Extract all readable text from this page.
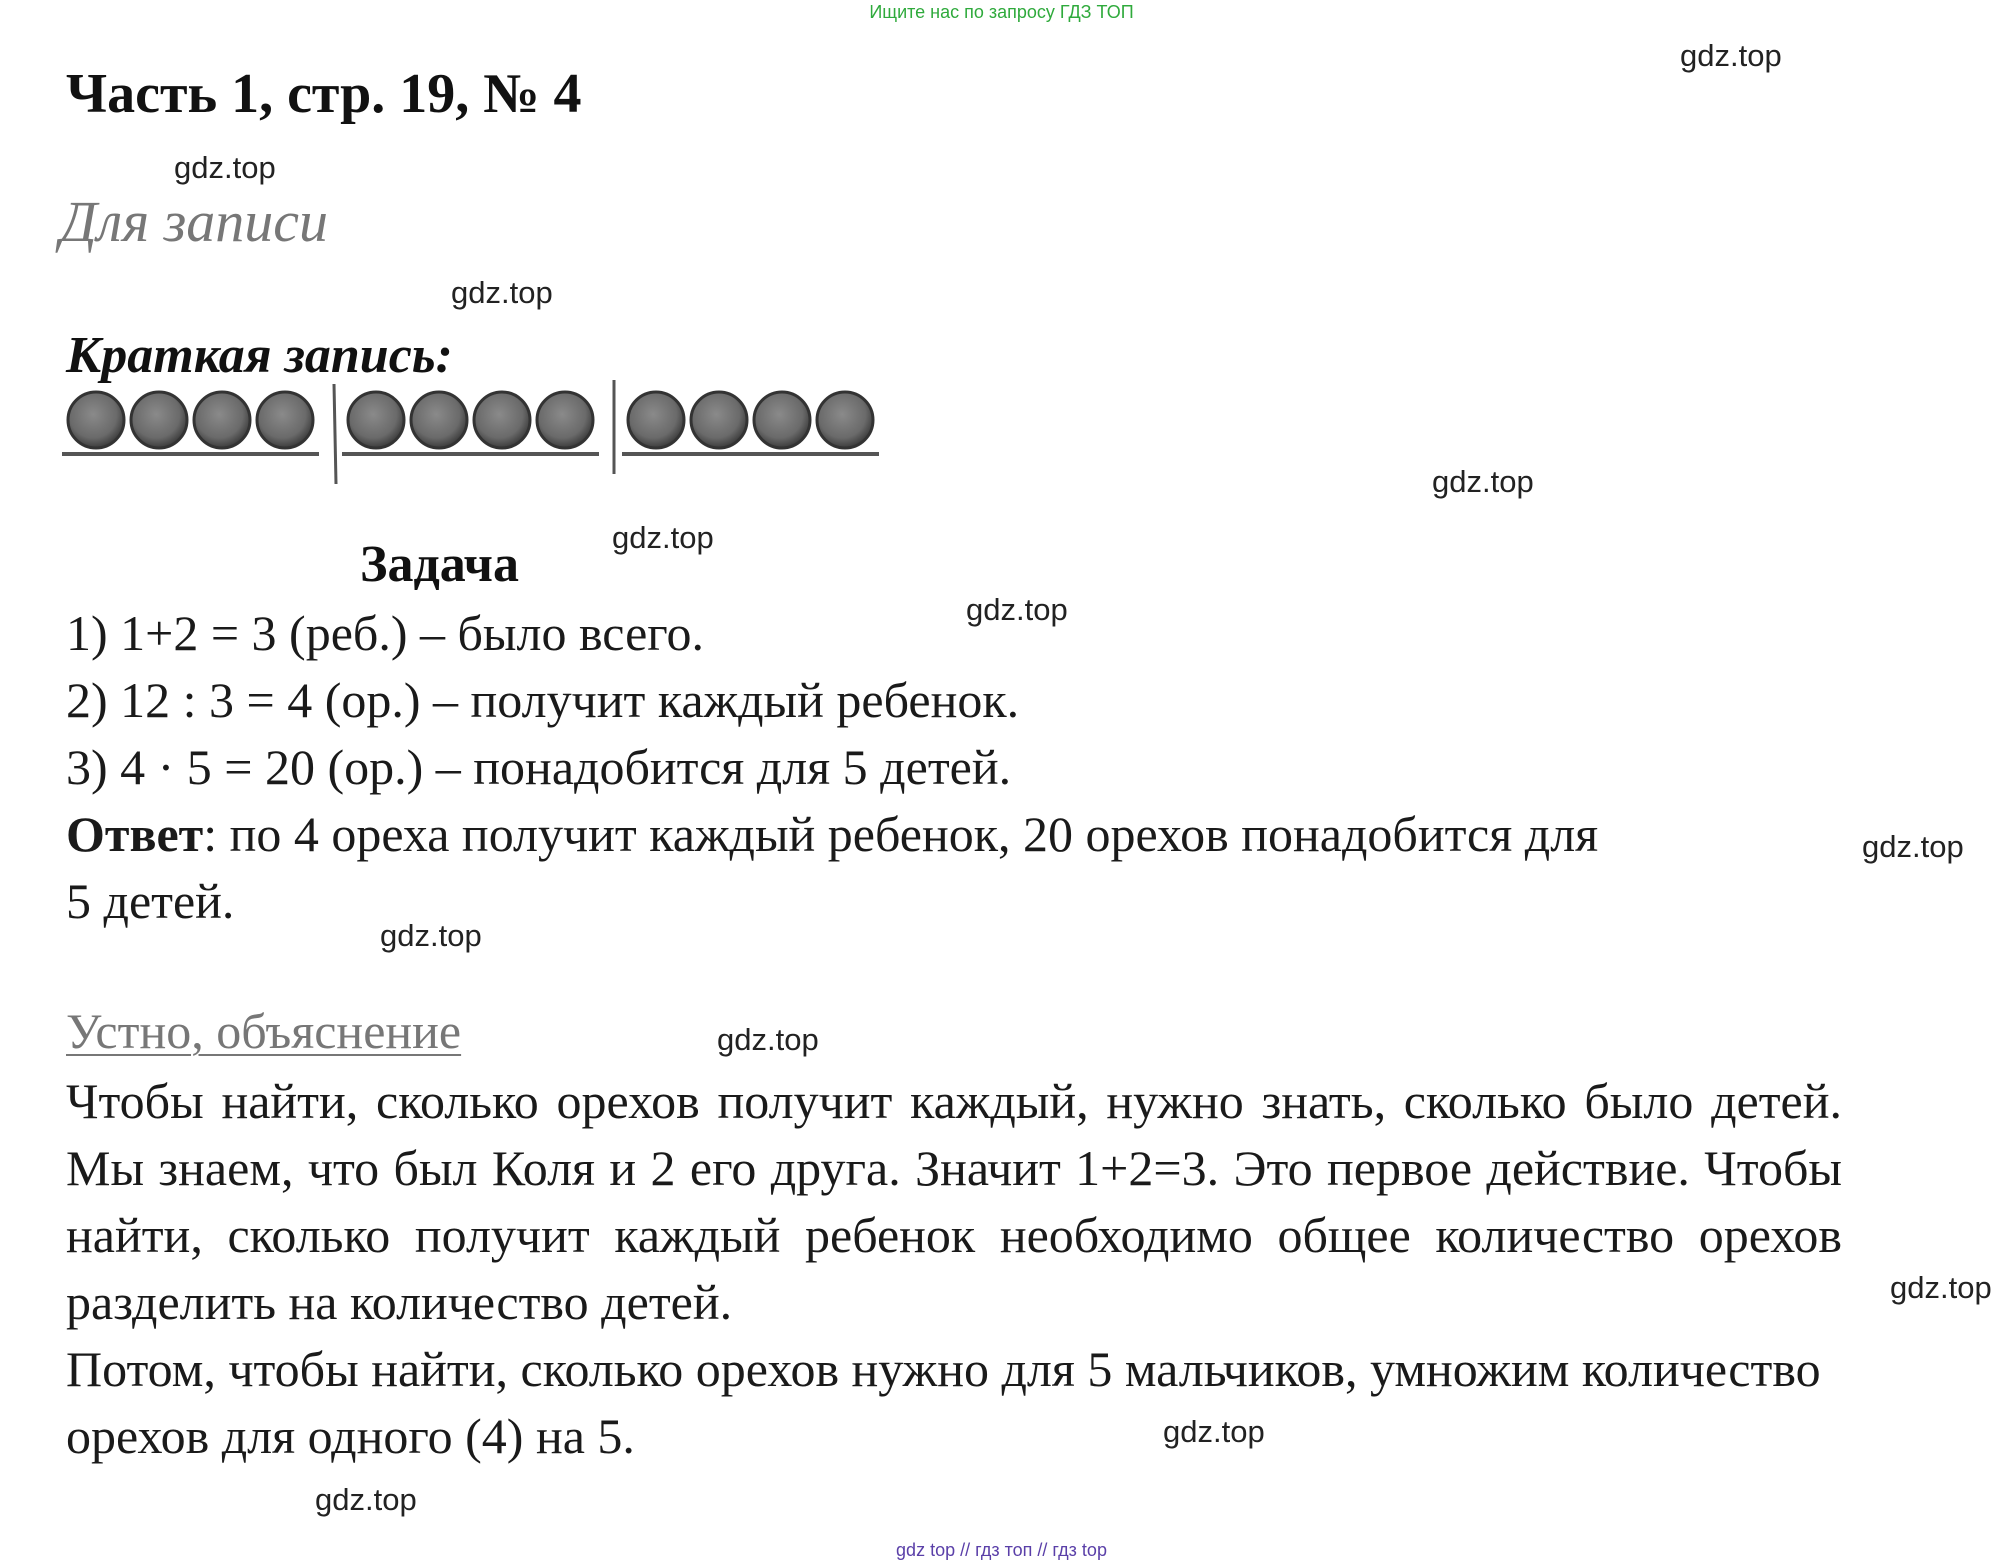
Ищите нас по запросу ГДЗ ТОП
Часть 1, стр. 19, № 4
Для записи
Краткая запись:
Задача
1) 1+2 = 3 (реб.) – было всего.
2) 12 : 3 = 4 (ор.) – получит каждый ребенок.
3) 4 · 5 = 20 (ор.) – понадобится для 5 детей.
Ответ: по 4 ореха получит каждый ребенок, 20 орехов понадобится для
5 детей.
Устно, объяснение

Чтобы найти, сколько орехов получит каждый, нужно знать, сколько было детей. Мы знаем, что был Коля и 2 его друга. Значит 1+2=3. Это первое действие. Чтобы найти, сколько получит каждый ребенок необходимо общее количество орехов разделить на количество детей.

Потом, чтобы найти, сколько орехов нужно для 5 мальчиков, умножим количество орехов для одного (4) на 5.

gdz.top
gdz.top
gdz.top
gdz.top
gdz.top
gdz.top
gdz.top
gdz.top
gdz.top
gdz.top
gdz.top
gdz.top
gdz top // гдз топ // гдз top
